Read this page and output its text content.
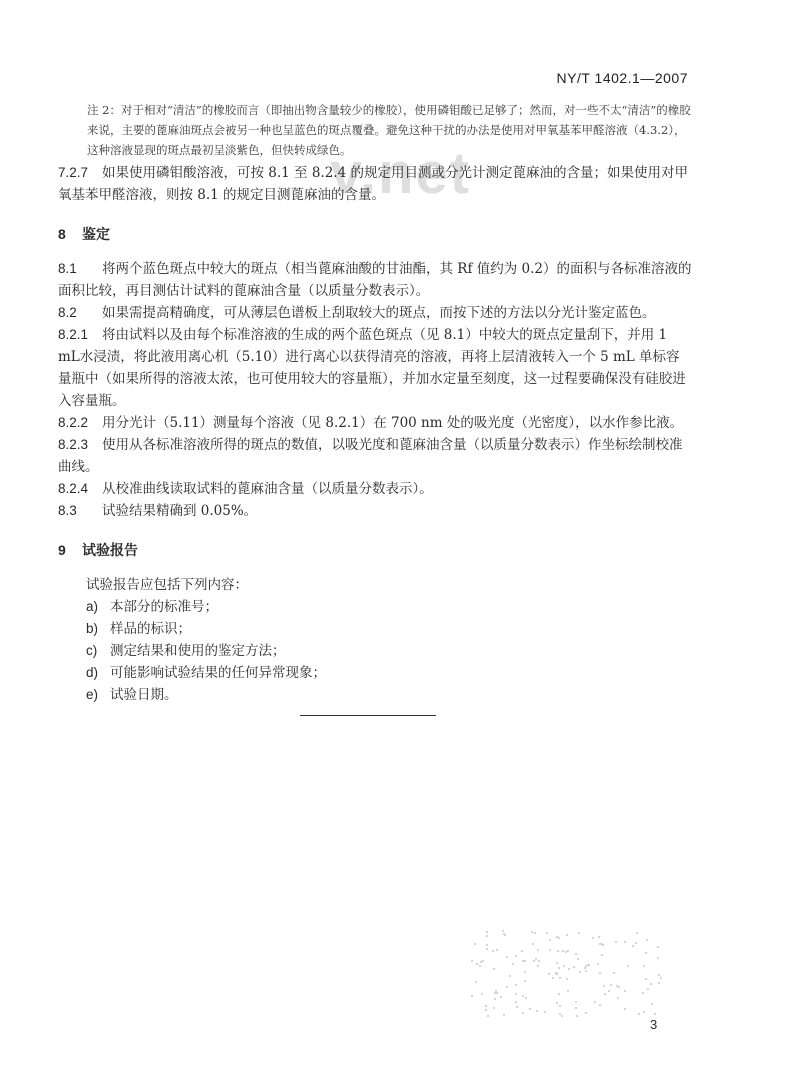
NY/T 1402.1—2007
v.net

注 2：对于相对“清洁”的橡胶而言（即抽出物含量较少的橡胶），使用磷钼酸已足够了；然而，对一些不太“清洁”的橡胶来说，主要的蓖麻油斑点会被另一种也呈蓝色的斑点覆叠。避免这种干扰的办法是使用对甲氧基苯甲醛溶液（4.3.2），这种溶液显现的斑点最初呈淡紫色，但快转成绿色。

7.2.7 如果使用磷钼酸溶液，可按 8.1 至 8.2.4 的规定用目测或分光计测定蓖麻油的含量；如果使用对甲氧基苯甲醛溶液，则按 8.1 的规定目测蓖麻油的含量。

8 鉴定

8.1 将两个蓝色斑点中较大的斑点（相当蓖麻油酸的甘油酯，其 Rf 值约为 0.2）的面积与各标准溶液的面积比较，再目测估计试料的蓖麻油含量（以质量分数表示）。

8.2 如果需提高精确度，可从薄层色谱板上刮取较大的斑点，而按下述的方法以分光计鉴定蓝色。

8.2.1 将由试料以及由每个标准溶液的生成的两个蓝色斑点（见 8.1）中较大的斑点定量刮下，并用 1 mL水浸渍，将此液用离心机（5.10）进行离心以获得清亮的溶液，再将上层清液转入一个 5 mL 单标容量瓶中（如果所得的溶液太浓，也可使用较大的容量瓶），并加水定量至刻度，这一过程要确保没有硅胶进入容量瓶。

8.2.2 用分光计（5.11）测量每个溶液（见 8.2.1）在 700 nm 处的吸光度（光密度），以水作参比液。

8.2.3 使用从各标准溶液所得的斑点的数值，以吸光度和蓖麻油含量（以质量分数表示）作坐标绘制校准曲线。

8.2.4 从校准曲线读取试料的蓖麻油含量（以质量分数表示）。

8.3 试验结果精确到 0.05%。

9 试验报告
试验报告应包括下列内容：
a) 本部分的标准号；
b) 样品的标识；
c) 测定结果和使用的鉴定方法；
d) 可能影响试验结果的任何异常现象；
e) 试验日期。
3
